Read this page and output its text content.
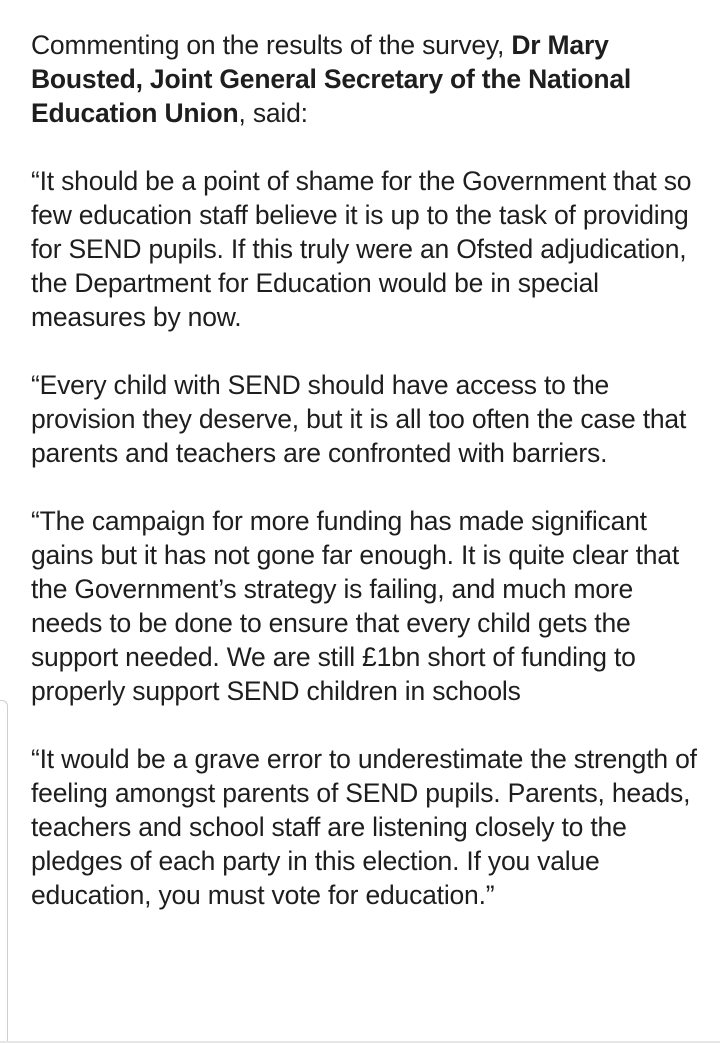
Commenting on the results of the survey, Dr Mary Bousted, Joint General Secretary of the National Education Union, said:

“It should be a point of shame for the Government that so few education staff believe it is up to the task of providing for SEND pupils. If this truly were an Ofsted adjudication, the Department for Education would be in special measures by now.

“Every child with SEND should have access to the provision they deserve, but it is all too often the case that parents and teachers are confronted with barriers.

“The campaign for more funding has made significant gains but it has not gone far enough. It is quite clear that the Government’s strategy is failing, and much more needs to be done to ensure that every child gets the support needed. We are still £1bn short of funding to properly support SEND children in schools

“It would be a grave error to underestimate the strength of feeling amongst parents of SEND pupils. Parents, heads, teachers and school staff are listening closely to the pledges of each party in this election. If you value education, you must vote for education.”
